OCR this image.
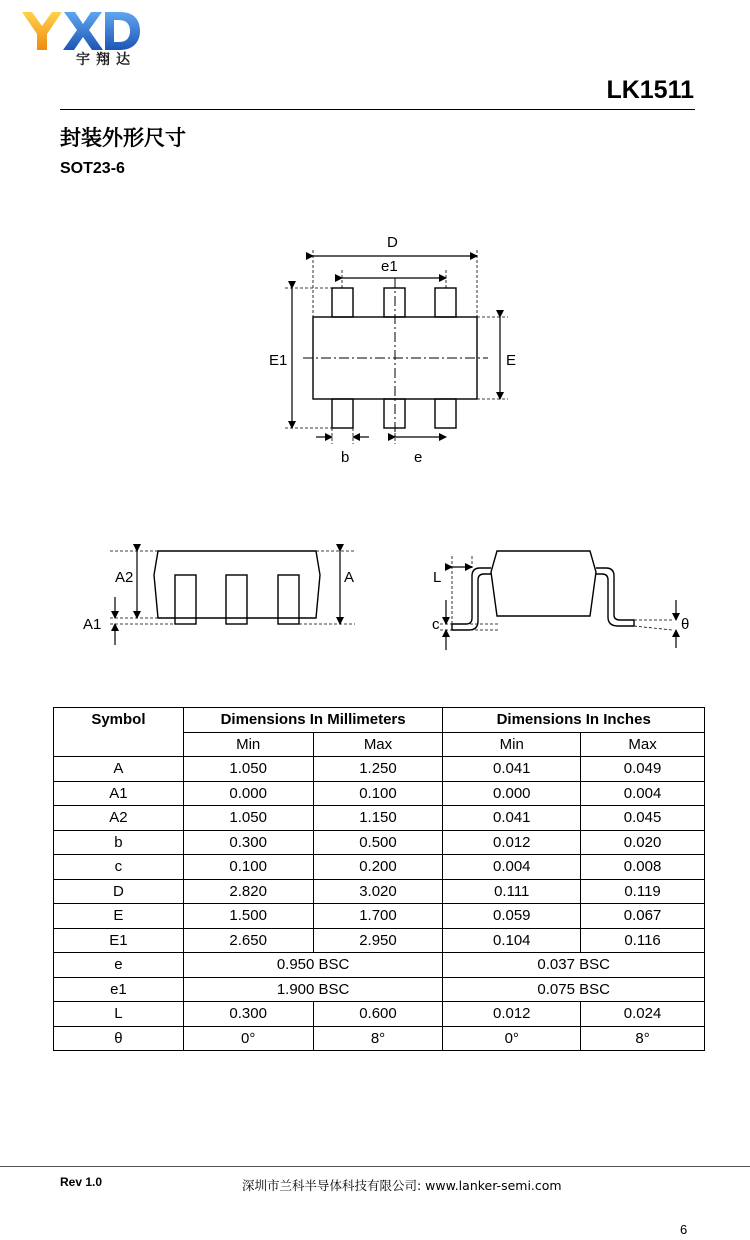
宇翔达
LK1511
封装外形尺寸
SOT23-6
D
e1
E1	E
b	e
A2
A1
A	L
c	θ
Symbol	Dimensions In Millimeters		Dimensions In Inches	
	Min	Max	Min	Max
A	1.050	1.250	0.041	0.049
A1	0.000	0.100	0.000	0.004
A2	1.050	1.150	0.041	0.045
b	0.300	0.500	0.012	0.020
c	0.100	0.200	0.004	0.008
D	2.820	3.020	0.111	0.119
E	1.500	1.700	0.059	0.067
E1	2.650	2.950	0.104	0.116
e	0.950 BSC		0.037 BSC	
e1	1.900 BSC		0.075 BSC	
L	0.300	0.600	0.012	0.024
θ	0°	8°	0°	8°
Rev 1.0	深圳市兰科半导体科技有限公司: www.lanker-semi.com
6
